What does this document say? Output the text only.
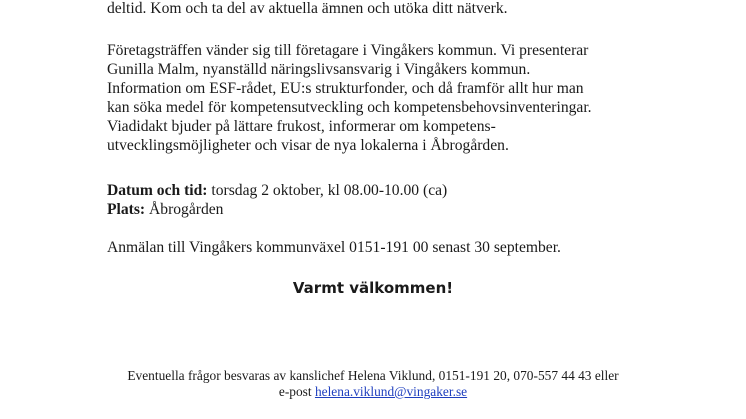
deltid. Kom och ta del av aktuella ämnen och utöka ditt nätverk.

Företagsträffen vänder sig till företagare i Vingåkers kommun. Vi presenterar
Gunilla Malm, nyanställd näringslivsansvarig i Vingåkers kommun.
Information om ESF-rådet, EU:s strukturfonder, och då framför allt hur man
kan söka medel för kompetensutveckling och kompetensbehovsinventeringar.
Viadidakt bjuder på lättare frukost, informerar om kompetens-
utvecklingsmöjligheter och visar de nya lokalerna i Åbrogården.

Datum och tid: torsdag 2 oktober, kl 08.00-10.00 (ca)
Plats: Åbrogården

Anmälan till Vingåkers kommunväxel 0151-191 00 senast 30 september.

Varmt välkommen!
Eventuella frågor besvaras av kanslichef Helena Viklund, 0151-191 20, 070-557 44 43 eller
e-post helena.viklund@vingaker.se
